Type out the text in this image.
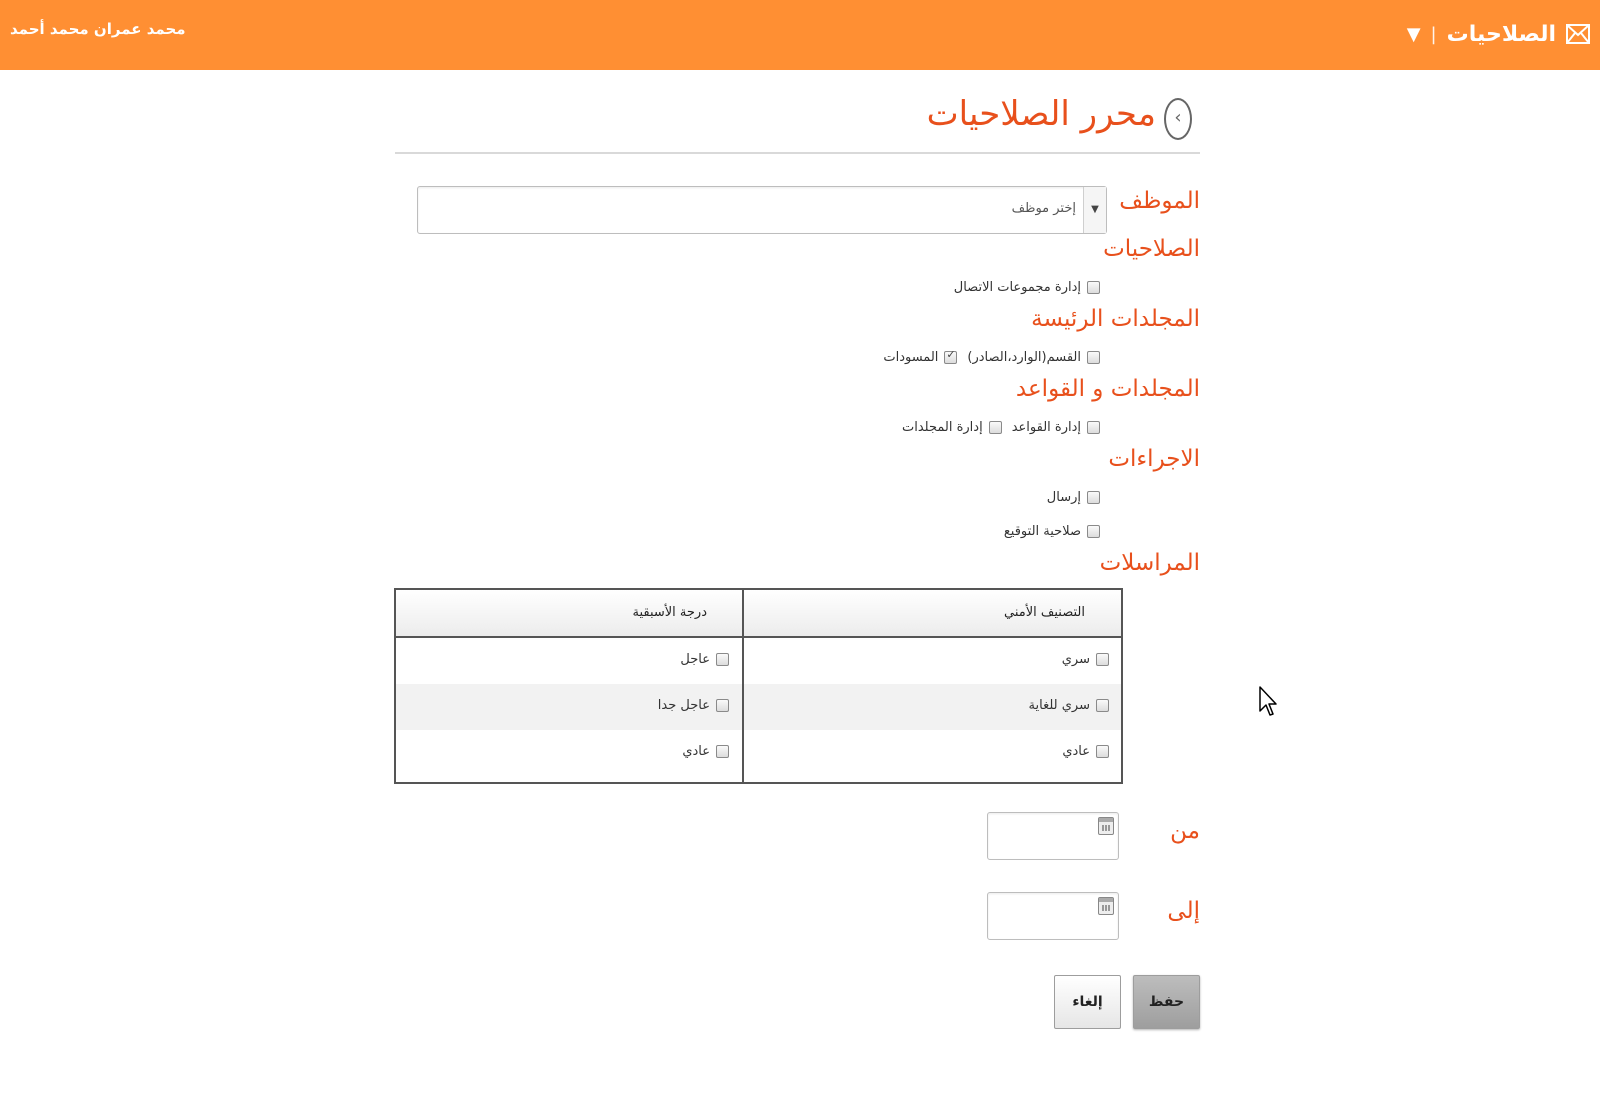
الصلاحيات
|
▼
محمد عمران محمد أحمد
‹
محرر الصلاحيات
الموظف
▼
إختر موظف
الصلاحيات
إدارة مجموعات الاتصال
المجلدات الرئيسة
القسم(الوارد،الصادر)
✓
المسودات
المجلدات و القواعد
إدارة القواعد
إدارة المجلدات
الاجراءات
إرسال
صلاحية التوقيع
المراسلات
التصنيف الأمني
درجة الأسبقية
سري
عاجل
سري للغاية
عاجل جدا
عادي
عادي
من
إلى
حفظ
إلغاء
